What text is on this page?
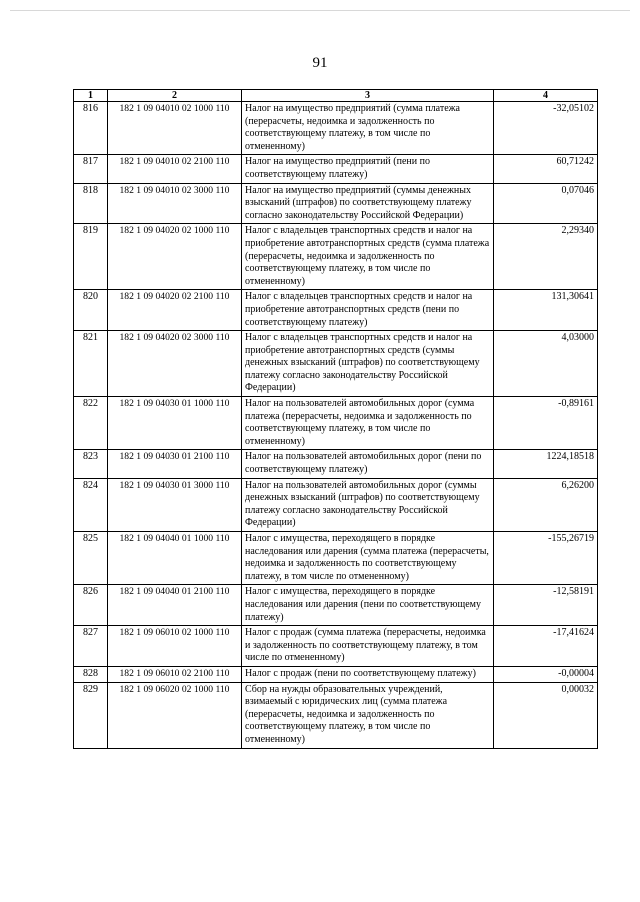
91
1	2	3	4
816	182 1 09 04010 02 1000 110	Налог на имущество предприятий (сумма платежа (перерасчеты, недоимка и задолженность по соответствующему платежу, в том числе по отмененному)	-32,05102
817	182 1 09 04010 02 2100 110	Налог на имущество предприятий (пени по соответствующему платежу)	60,71242
818	182 1 09 04010 02 3000 110	Налог на имущество предприятий (суммы денежных взысканий (штрафов) по соответствующему платежу согласно законодательству Российской Федерации)	0,07046
819	182 1 09 04020 02 1000 110	Налог с владельцев транспортных средств и налог на приобретение автотранспортных средств (сумма платежа (перерасчеты, недоимка и задолженность по соответствующему платежу, в том числе по отмененному)	2,29340
820	182 1 09 04020 02 2100 110	Налог с владельцев транспортных средств и налог на приобретение автотранспортных средств (пени по соответствующему платежу)	131,30641
821	182 1 09 04020 02 3000 110	Налог с владельцев транспортных средств и налог на приобретение автотранспортных средств (суммы денежных взысканий (штрафов) по соответствующему платежу согласно законодательству Российской Федерации)	4,03000
822	182 1 09 04030 01 1000 110	Налог на пользователей автомобильных дорог (сумма платежа (перерасчеты, недоимка и задолженность по соответствующему платежу, в том числе по отмененному)	-0,89161
823	182 1 09 04030 01 2100 110	Налог на пользователей автомобильных дорог (пени по соответствующему платежу)	1224,18518
824	182 1 09 04030 01 3000 110	Налог на пользователей автомобильных дорог (суммы денежных взысканий (штрафов) по соответствующему платежу согласно законодательству Российской Федерации)	6,26200
825	182 1 09 04040 01 1000 110	Налог с имущества, переходящего в порядке наследования или дарения (сумма платежа (перерасчеты, недоимка и задолженность по соответствующему платежу, в том числе по отмененному)	-155,26719
826	182 1 09 04040 01 2100 110	Налог с имущества, переходящего в порядке наследования или дарения (пени по соответствующему платежу)	-12,58191
827	182 1 09 06010 02 1000 110	Налог с продаж (сумма платежа (перерасчеты, недоимка и задолженность по соответствующему платежу, в том числе по отмененному)	-17,41624
828	182 1 09 06010 02 2100 110	Налог с продаж (пени по соответствующему платежу)	-0,00004
829	182 1 09 06020 02 1000 110	Сбор на нужды образовательных учреждений, взимаемый с юридических лиц (сумма платежа (перерасчеты, недоимка и задолженность по соответствующему платежу, в том числе по отмененному)	0,00032
